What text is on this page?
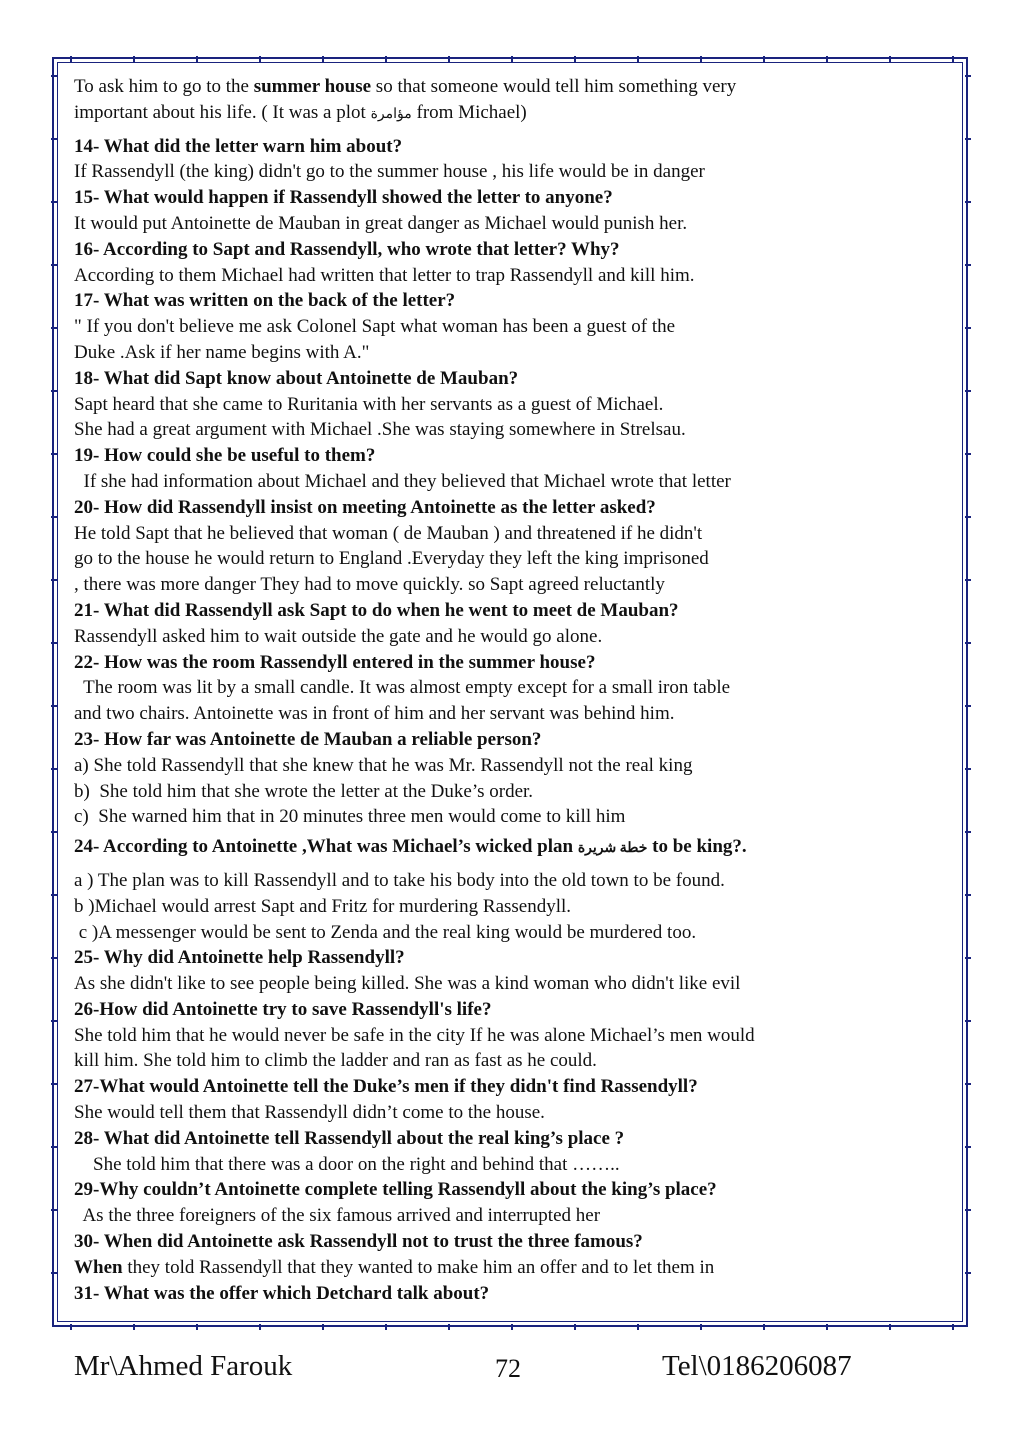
To ask him to go to the summer house so that someone would tell him something very
important about his life. ( It was a plot مؤامرة from Michael)
14- What did the letter warn him about?
If Rassendyll (the king) didn't go to the summer house , his life would be in danger
15- What would happen if Rassendyll showed the letter to anyone?
It would put Antoinette de Mauban in great danger as Michael would punish her.
16- According to Sapt and Rassendyll, who wrote that letter? Why?
According to them Michael had written that letter to trap Rassendyll and kill him.
17- What was written on the back of the letter?
" If you don't believe me ask Colonel Sapt what woman has been a guest of the
Duke .Ask if her name begins with A."
18- What did Sapt know about Antoinette de Mauban?
Sapt heard that she came to Ruritania with her servants as a guest of Michael.
She had a great argument with Michael .She was staying somewhere in Strelsau.
19- How could she be useful to them?
If she had information about Michael and they believed that Michael wrote that letter
20- How did Rassendyll insist on meeting Antoinette as the letter asked?
He told Sapt that he believed that woman ( de Mauban ) and threatened if he didn't
go to the house he would return to England .Everyday they left the king imprisoned
, there was more danger They had to move quickly. so Sapt agreed reluctantly
21- What did Rassendyll ask Sapt to do when he went to meet de Mauban?
Rassendyll asked him to wait outside the gate and he would go alone.
22- How was the room Rassendyll entered in the summer house?
The room was lit by a small candle. It was almost empty except for a small iron table
and two chairs. Antoinette was in front of him and her servant was behind him.
23- How far was Antoinette de Mauban a reliable person?
a) She told Rassendyll that she knew that he was Mr. Rassendyll not the real king
b)  She told him that she wrote the letter at the Duke’s order.
c)  She warned him that in 20 minutes three men would come to kill him
24- According to Antoinette ,What was Michael’s wicked plan خطة شريرة to be king?.
a ) The plan was to kill Rassendyll and to take his body into the old town to be found.
b )Michael would arrest Sapt and Fritz for murdering Rassendyll.
c )A messenger would be sent to Zenda and the real king would be murdered too.
25- Why did Antoinette help Rassendyll?
As she didn't like to see people being killed. She was a kind woman who didn't like evil
26-How did Antoinette try to save Rassendyll's life?
She told him that he would never be safe in the city If he was alone Michael’s men would
kill him. She told him to climb the ladder and ran as fast as he could.
27-What would Antoinette tell the Duke’s men if they didn't find Rassendyll?
She would tell them that Rassendyll didn’t come to the house.
28- What did Antoinette tell Rassendyll about the real king’s place ?
She told him that there was a door on the right and behind that ……..
29-Why couldn’t Antoinette complete telling Rassendyll about the king’s place?
As the three foreigners of the six famous arrived and interrupted her
30- When did Antoinette ask Rassendyll not to trust the three famous?
When they told Rassendyll that they wanted to make him an offer and to let them in
31- What was the offer which Detchard talk about?
Mr\Ahmed Farouk	72	Tel\0186206087
